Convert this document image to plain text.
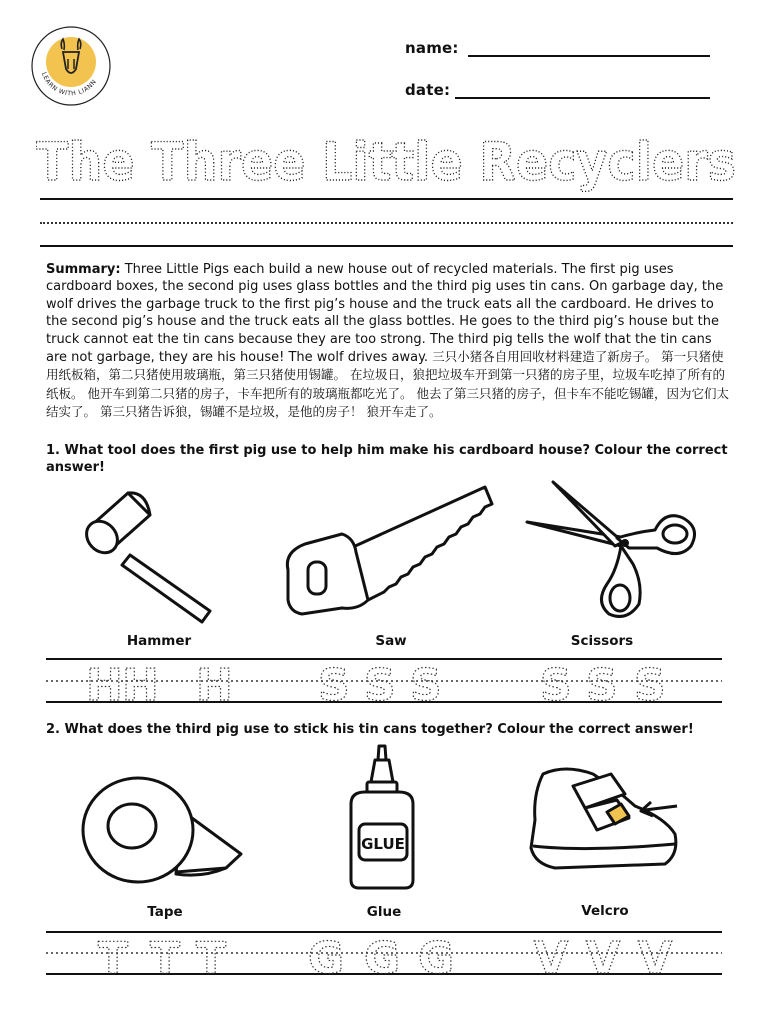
LEARN WITH LIANN
name:
date:
The Three Little Recyclers
Summary: Three Little Pigs each build a new house out of recycled materials. The first pig uses cardboard boxes, the second pig uses glass bottles and the third pig uses tin cans. On garbage day, the wolf drives the garbage truck to the first pig’s house and the truck eats all the cardboard. He drives to the second pig’s house and the truck eats all the glass bottles. He goes to the third pig’s house but the truck cannot eat the tin cans because they are too strong. The third pig tells the wolf that the tin cans are not garbage, they are his house! The wolf drives away. 三只小猪各自用回收材料建造了新房子。 第一只猪使用纸板箱，第二只猪使用玻璃瓶，第三只猪使用锡罐。 在垃圾日，狼把垃圾车开到第一只猪的房子里，垃圾车吃掉了所有的纸板。 他开车到第二只猪的房子，卡车把所有的玻璃瓶都吃光了。 他去了第三只猪的房子，但卡车不能吃锡罐，因为它们太结实了。 第三只猪告诉狼，锡罐不是垃圾，是他的房子！ 狼开车走了。
1. What tool does the first pig use to help him make his cardboard house? Colour the correct answer!
Hammer	Saw	Scissors
H H H S S S S S S
2. What does the third pig use to stick his tin cans together? Colour the correct answer!
GLUE
Tape	Glue	Velcro
T T T G G G V V V
